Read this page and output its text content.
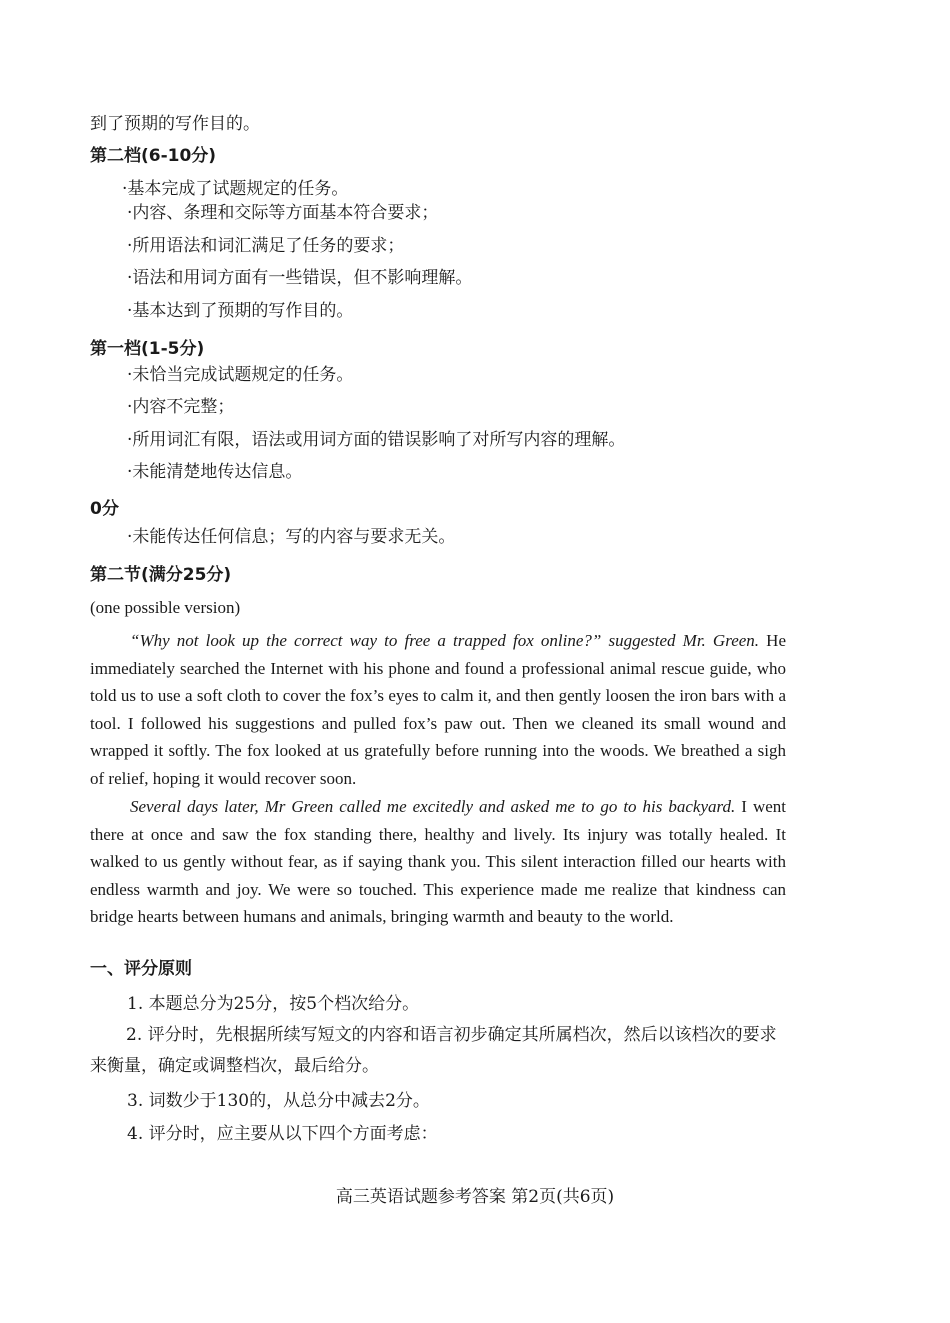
到了预期的写作目的。
第二档(6-10分)
·基本完成了试题规定的任务。
·内容、条理和交际等方面基本符合要求；
·所用语法和词汇满足了任务的要求；
·语法和用词方面有一些错误，但不影响理解。
·基本达到了预期的写作目的。
第一档(1-5分)
·未恰当完成试题规定的任务。
·内容不完整；
·所用词汇有限，语法或用词方面的错误影响了对所写内容的理解。
·未能清楚地传达信息。
0分
·未能传达任何信息；写的内容与要求无关。
第二节(满分25分)
(one possible version)

“Why not look up the correct way to free a trapped fox online?” suggested Mr. Green. He immediately searched the Internet with his phone and found a professional animal rescue guide, who told us to use a soft cloth to cover the fox’s eyes to calm it, and then gently loosen the iron bars with a tool. I followed his suggestions and pulled fox’s paw out. Then we cleaned its small wound and wrapped it softly. The fox looked at us gratefully before running into the woods. We breathed a sigh of relief, hoping it would recover soon.

Several days later, Mr Green called me excitedly and asked me to go to his backyard. I went there at once and saw the fox standing there, healthy and lively. Its injury was totally healed. It walked to us gently without fear, as if saying thank you. This silent interaction filled our hearts with endless warmth and joy. We were so touched. This experience made me realize that kindness can bridge hearts between humans and animals, bringing warmth and beauty to the world.

一、评分原则
1. 本题总分为25分，按5个档次给分。

2. 评分时，先根据所续写短文的内容和语言初步确定其所属档次，然后以该档次的要求 来衡量，确定或调整档次，最后给分。

3. 词数少于130的，从总分中减去2分。
4. 评分时，应主要从以下四个方面考虑：
高三英语试题参考答案 第2页(共6页)
